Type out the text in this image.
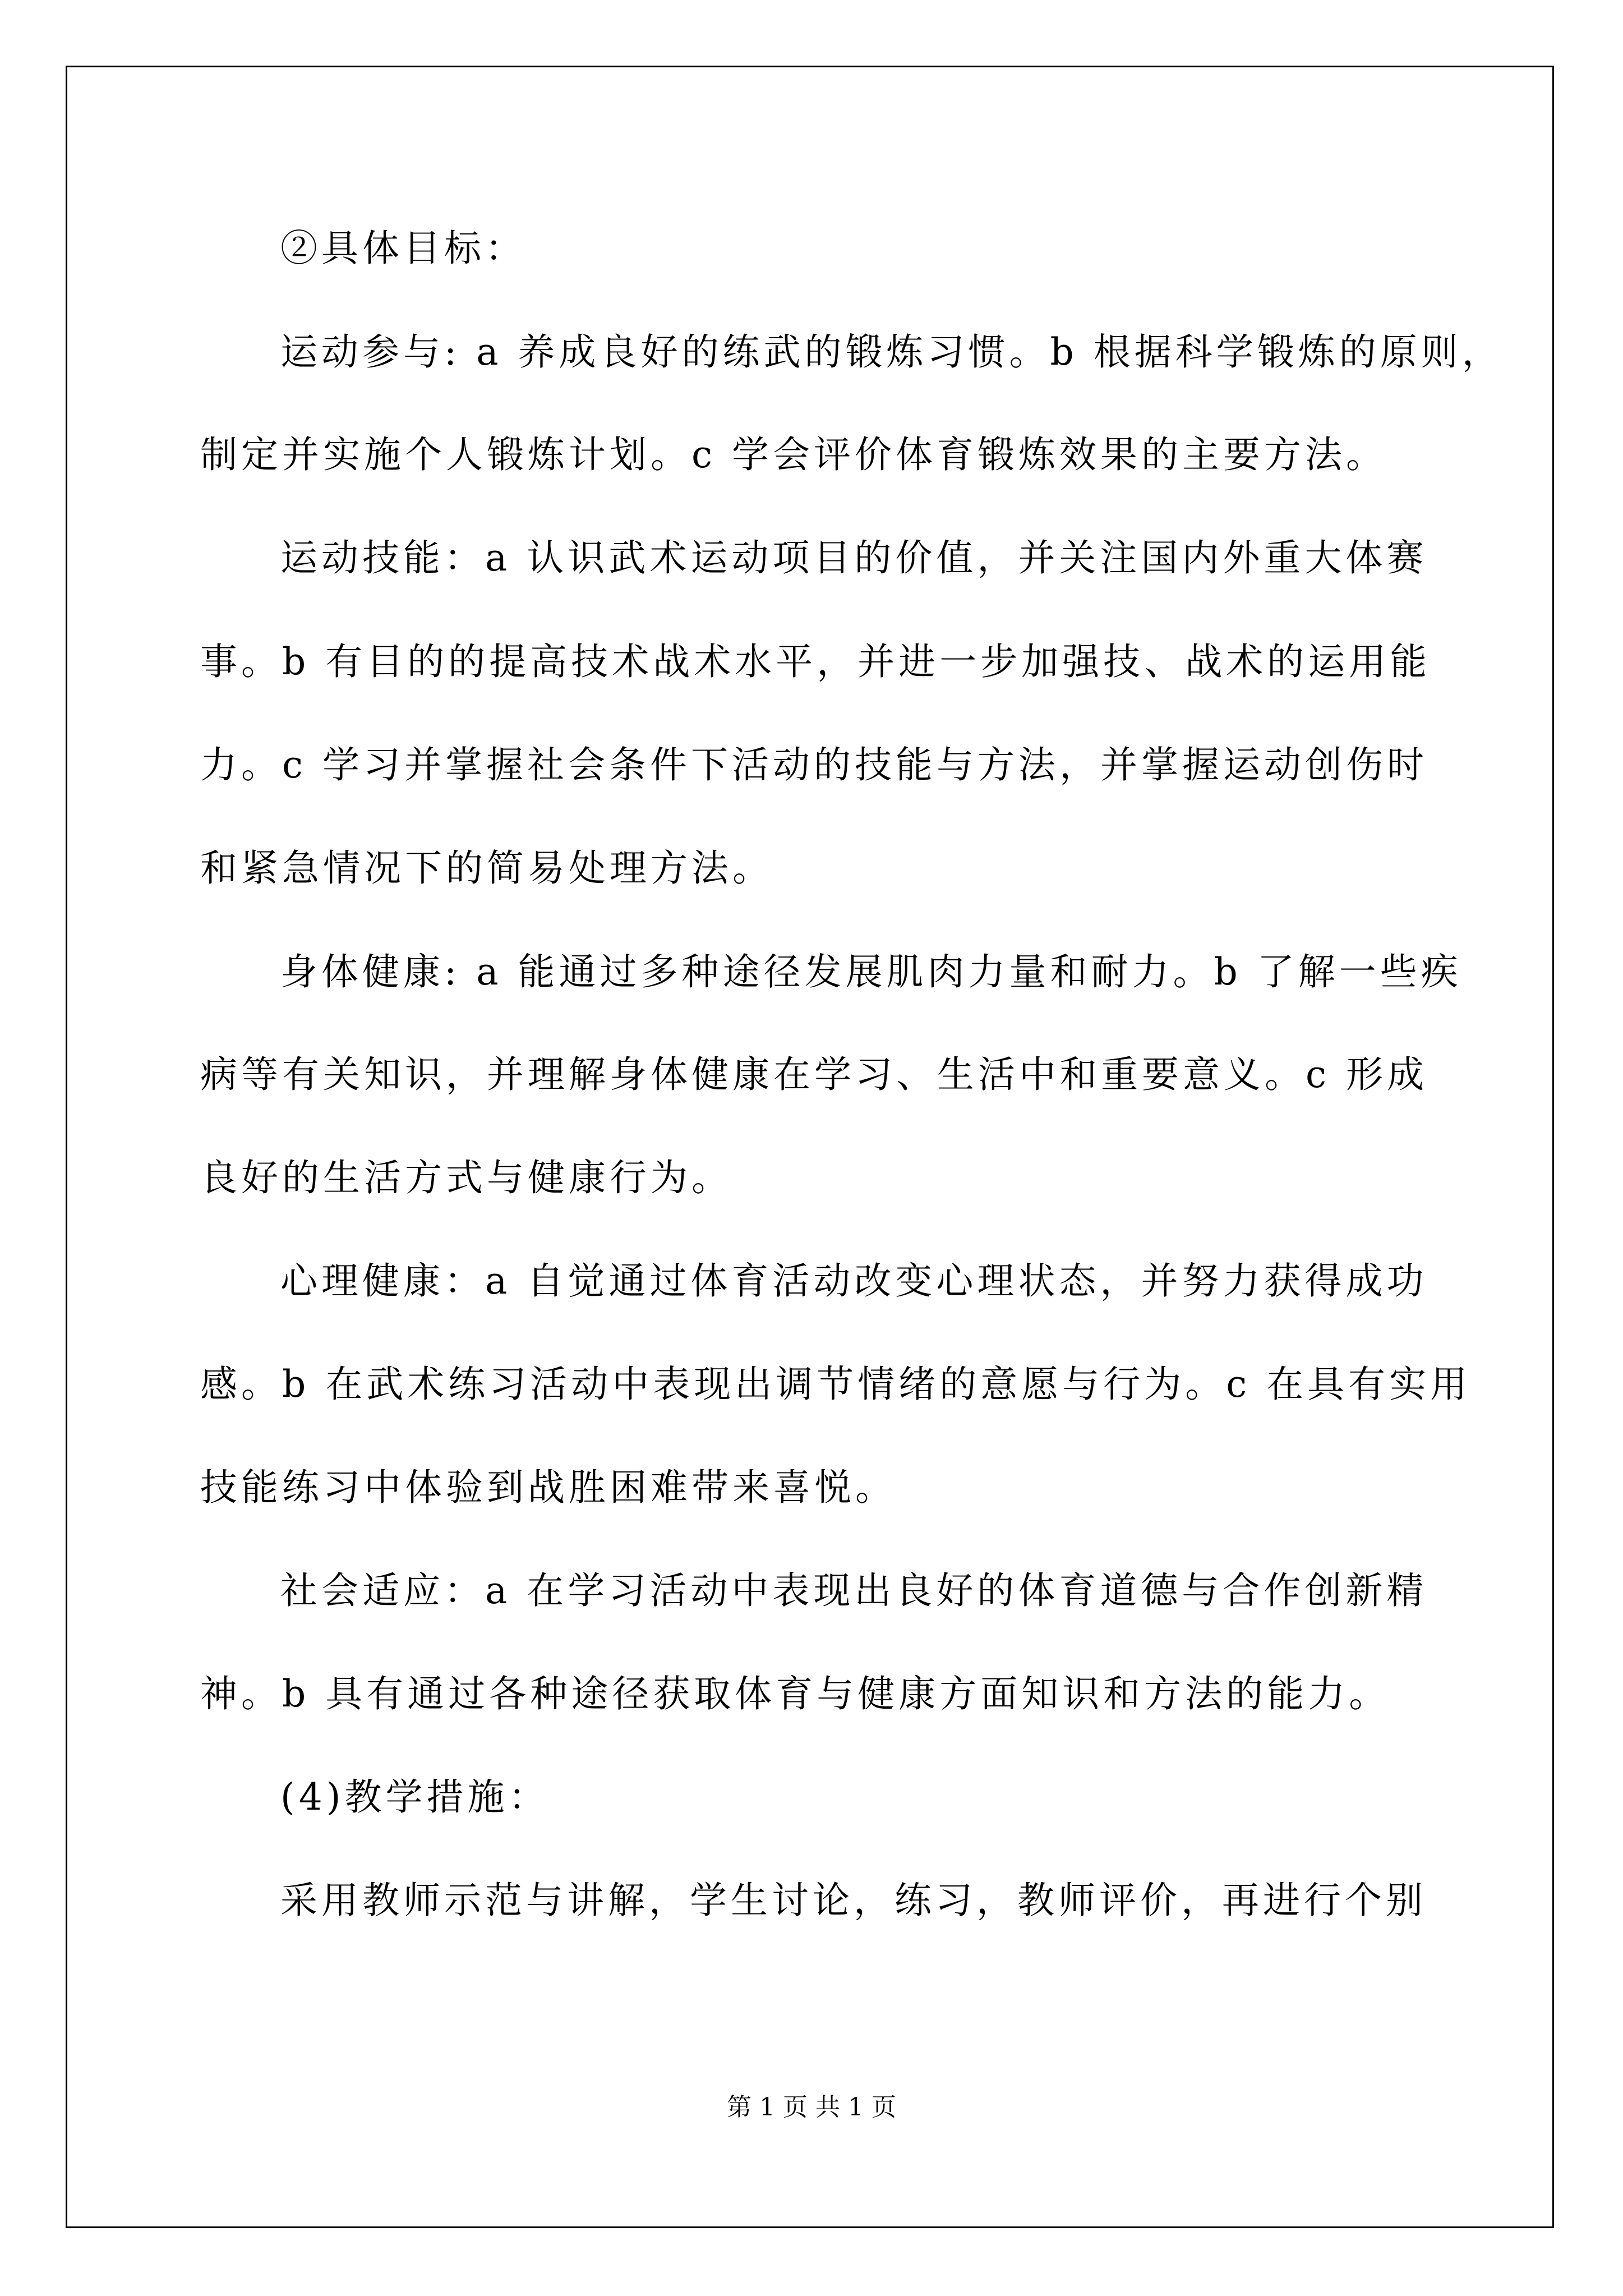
②具体目标：
运动参与: a 养成良好的练武的锻炼习惯。b 根据科学锻炼的原则，
制定并实施个人锻炼计划。c 学会评价体育锻炼效果的主要方法。
运动技能：a 认识武术运动项目的价值，并关注国内外重大体赛
事。b 有目的的提高技术战术水平，并进一步加强技、战术的运用能
力。c 学习并掌握社会条件下活动的技能与方法，并掌握运动创伤时
和紧急情况下的简易处理方法。
身体健康: a 能通过多种途径发展肌肉力量和耐力。b 了解一些疾
病等有关知识，并理解身体健康在学习、生活中和重要意义。c 形成
良好的生活方式与健康行为。
心理健康：a 自觉通过体育活动改变心理状态，并努力获得成功
感。b 在武术练习活动中表现出调节情绪的意愿与行为。c 在具有实用
技能练习中体验到战胜困难带来喜悦。
社会适应：a 在学习活动中表现出良好的体育道德与合作创新精
神。b 具有通过各种途径获取体育与健康方面知识和方法的能力。
(4)教学措施：
采用教师示范与讲解，学生讨论，练习，教师评价，再进行个别
第 1 页 共 1 页
